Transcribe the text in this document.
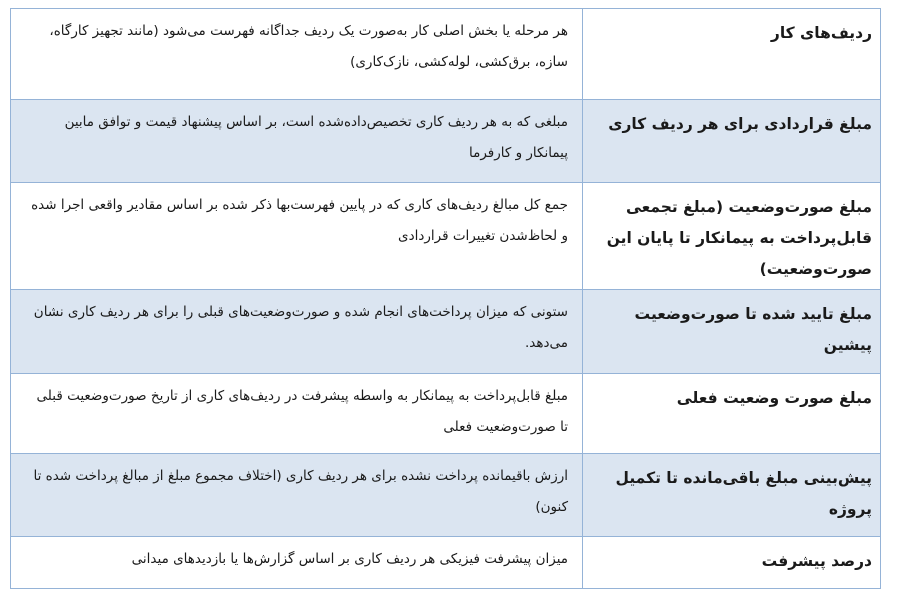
ردیف‌های کار	هر مرحله یا بخش اصلی کار به‌صورت یک ردیف جداگانه فهرست می‌شود (مانند تجهیز کارگاه، سازه، برق‌کشی، لوله‌کشی، نازک‌کاری)
مبلغ قراردادی برای هر ردیف کاری	مبلغی که به هر ردیف کاری تخصیص‌داده‌شده است، بر اساس پیشنهاد قیمت و توافق مابین پیمانکار و کارفرما
مبلغ صورت‌وضعیت (مبلغ تجمعی قابل‌پرداخت به پیمانکار تا پایان این صورت‌وضعیت)	جمع کل مبالغ ردیف‌های کاری که در پایین فهرست‌بها ذکر شده بر اساس مقادیر واقعی اجرا شده و لحاظ‌شدن تغییرات قراردادی
مبلغ تایید شده تا صورت‌وضعیت پیشین	ستونی که میزان پرداخت‌های انجام شده و صورت‌وضعیت‌های قبلی را برای هر ردیف کاری نشان می‌دهد.
مبلغ صورت وضعیت فعلی	مبلغ قابل‌پرداخت به پیمانکار به واسطه پیشرفت در ردیف‌های کاری از تاریخ صورت‌وضعیت قبلی تا صورت‌وضعیت فعلی
پیش‌بینی مبلغ باقی‌مانده تا تکمیل پروژه	ارزش باقیمانده پرداخت نشده برای هر ردیف کاری (اختلاف مجموع مبلغ از مبالغ پرداخت شده تا کنون)
درصد پیشرفت	میزان پیشرفت فیزیکی هر ردیف کاری بر اساس گزارش‌ها یا بازدیدهای میدانی
